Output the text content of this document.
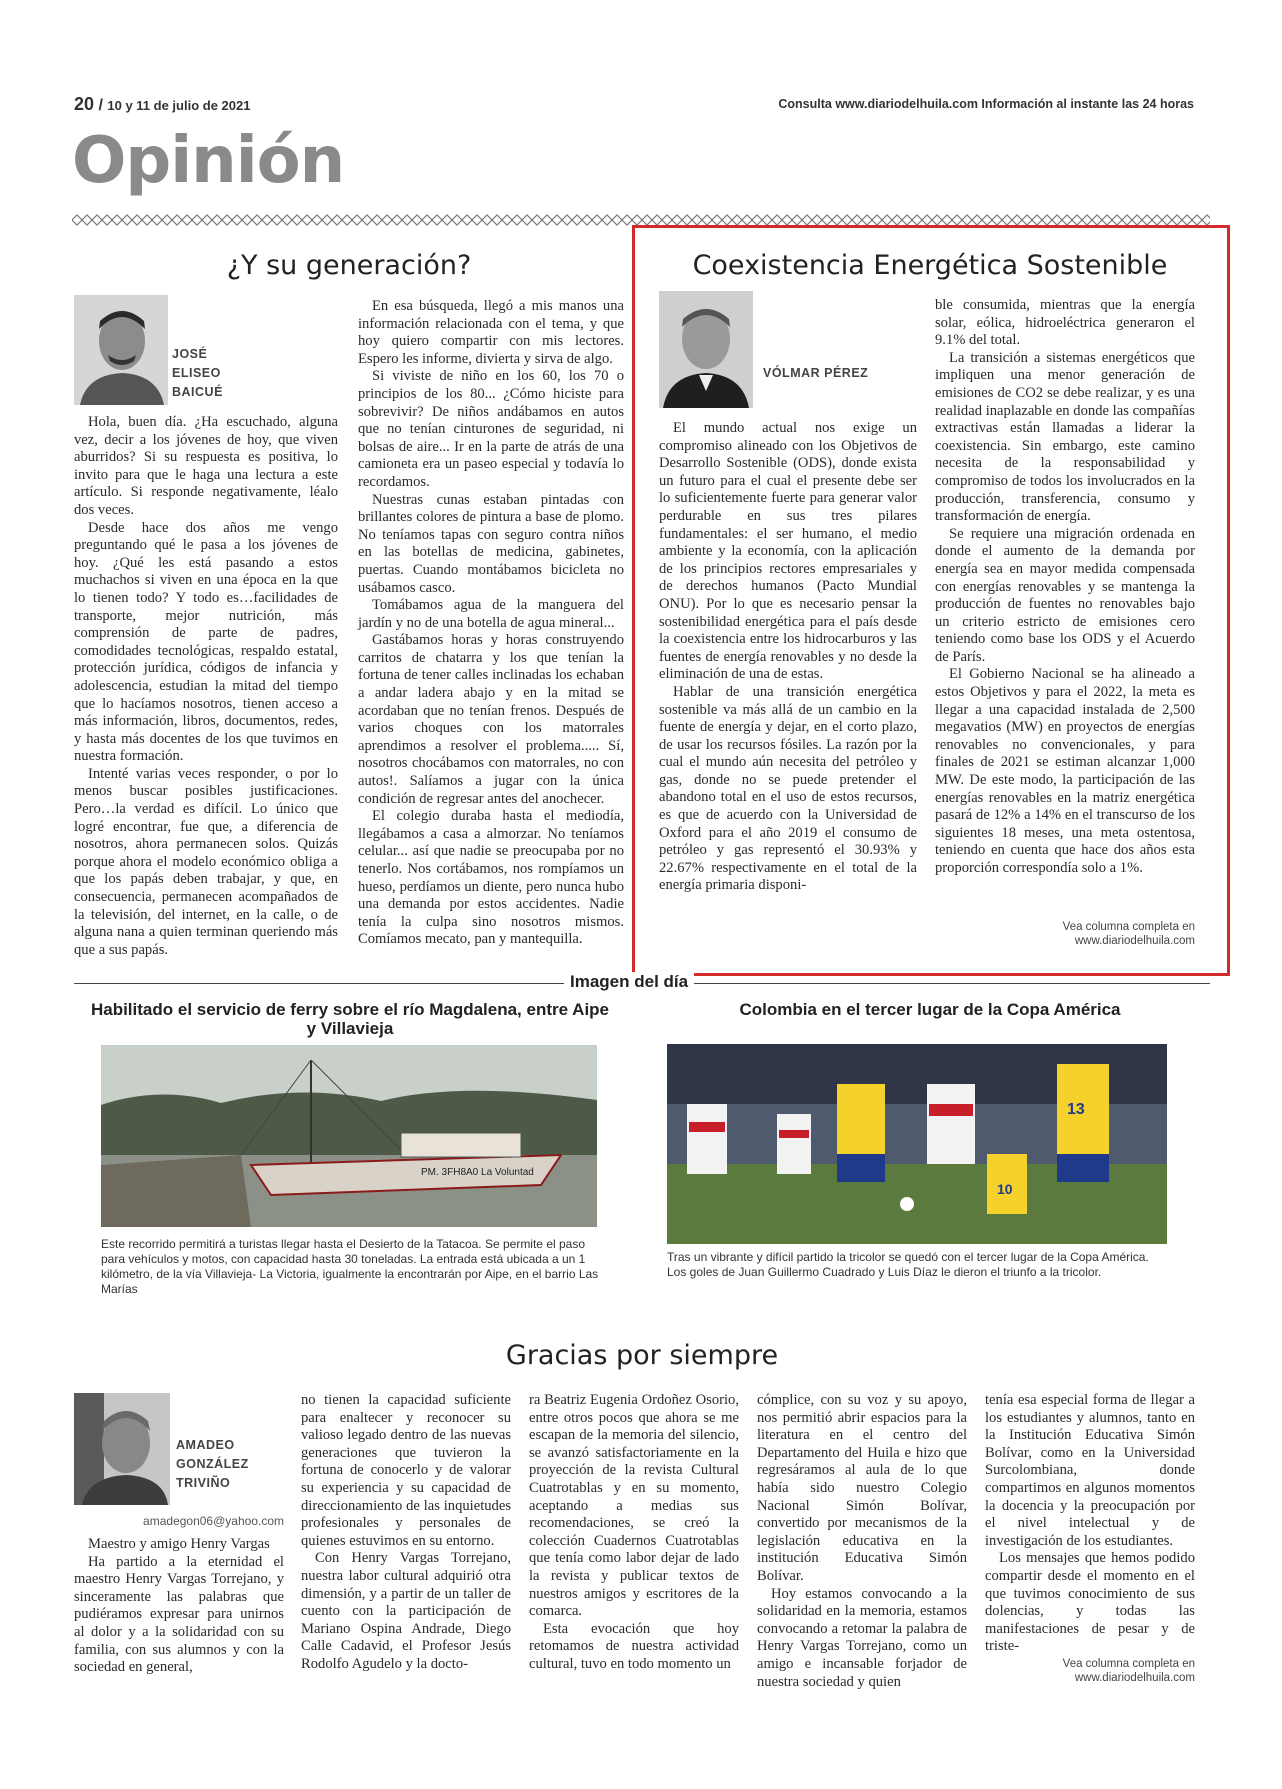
20 / 10 y 11 de julio de 2021	Consulta www.diariodelhuila.com Información al instante las 24 horas
Opinión
¿Y su generación?
JOSÉ
ELISEO
BAICUÉ

Hola, buen día. ¿Ha escuchado, alguna vez, decir a los jóvenes de hoy, que viven aburridos? Si su respuesta es positiva, lo invito para que le haga una lectura a este artículo. Si responde negativamente, léalo dos veces.

Desde hace dos años me vengo preguntando qué le pasa a los jóvenes de hoy. ¿Qué les está pasando a estos muchachos si viven en una época en la que lo tienen todo? Y todo es…facilidades de transporte, mejor nutrición, más comprensión de parte de padres, comodidades tecnológicas, respaldo estatal, protección jurídica, códigos de infancia y adolescencia, estudian la mitad del tiempo que lo hacíamos nosotros, tienen acceso a más información, libros, documentos, redes, y hasta más docentes de los que tuvimos en nuestra formación.

Intenté varias veces responder, o por lo menos buscar posibles justificaciones. Pero…la verdad es difícil. Lo único que logré encontrar, fue que, a diferencia de nosotros, ahora permanecen solos. Quizás porque ahora el modelo económico obliga a que los papás deben trabajar, y que, en consecuencia, permanecen acompañados de la televisión, del internet, en la calle, o de alguna nana a quien terminan queriendo más que a sus papás.

En esa búsqueda, llegó a mis manos una información relacionada con el tema, y que hoy quiero compartir con mis lectores. Espero les informe, divierta y sirva de algo.

Si viviste de niño en los 60, los 70 o principios de los 80... ¿Cómo hiciste para sobrevivir? De niños andábamos en autos que no tenían cinturones de seguridad, ni bolsas de aire... Ir en la parte de atrás de una camioneta era un paseo especial y todavía lo recordamos.

Nuestras cunas estaban pintadas con brillantes colores de pintura a base de plomo. No teníamos tapas con seguro contra niños en las botellas de medicina, gabinetes, puertas. Cuando montábamos bicicleta no usábamos casco.

Tomábamos agua de la manguera del jardín y no de una botella de agua mineral...

Gastábamos horas y horas construyendo carritos de chatarra y los que tenían la fortuna de tener calles inclinadas los echaban a andar ladera abajo y en la mitad se acordaban que no tenían frenos. Después de varios choques con los matorrales aprendimos a resolver el problema..... Sí, nosotros chocábamos con matorrales, no con autos!. Salíamos a jugar con la única condición de regresar antes del anochecer.

El colegio duraba hasta el mediodía, llegábamos a casa a almorzar. No teníamos celular... así que nadie se preocupaba por no tenerlo. Nos cortábamos, nos rompíamos un hueso, perdíamos un diente, pero nunca hubo una demanda por estos accidentes. Nadie tenía la culpa sino nosotros mismos. Comíamos mecato, pan y mantequilla.

Coexistencia Energética Sostenible
VÓLMAR PÉREZ

El mundo actual nos exige un compromiso alineado con los Objetivos de Desarrollo Sostenible (ODS), donde exista un futuro para el cual el presente debe ser lo suficientemente fuerte para generar valor perdurable en sus tres pilares fundamentales: el ser humano, el medio ambiente y la economía, con la aplicación de los principios rectores empresariales y de derechos humanos (Pacto Mundial ONU). Por lo que es necesario pensar la sostenibilidad energética para el país desde la coexistencia entre los hidrocarburos y las fuentes de energía renovables y no desde la eliminación de una de estas.

Hablar de una transición energética sostenible va más allá de un cambio en la fuente de energía y dejar, en el corto plazo, de usar los recursos fósiles. La razón por la cual el mundo aún necesita del petróleo y gas, donde no se puede pretender el abandono total en el uso de estos recursos, es que de acuerdo con la Universidad de Oxford para el año 2019 el consumo de petróleo y gas representó el 30.93% y 22.67% respectivamente en el total de la energía primaria disponi-

ble consumida, mientras que la energía solar, eólica, hidroeléctrica generaron el 9.1% del total.

La transición a sistemas energéticos que impliquen una menor generación de emisiones de CO2 se debe realizar, y es una realidad inaplazable en donde las compañías extractivas están llamadas a liderar la coexistencia. Sin embargo, este camino necesita de la responsabilidad y compromiso de todos los involucrados en la producción, transferencia, consumo y transformación de energía.

Se requiere una migración ordenada en donde el aumento de la demanda por energía sea en mayor medida compensada con energías renovables y se mantenga la producción de fuentes no renovables bajo un criterio estricto de emisiones cero teniendo como base los ODS y el Acuerdo de París.

El Gobierno Nacional se ha alineado a estos Objetivos y para el 2022, la meta es llegar a una capacidad instalada de 2,500 megavatios (MW) en proyectos de energías renovables no convencionales, y para finales de 2021 se estiman alcanzar 1,000 MW. De este modo, la participación de las energías renovables en la matriz energética pasará de 12% a 14% en el transcurso de los siguientes 18 meses, una meta ostentosa, teniendo en cuenta que hace dos años esta proporción correspondía solo a 1%.

Vea columna completa en
www.diariodelhuila.com
Imagen del día
Habilitado el servicio de ferry sobre el río Magdalena, entre Aipe y Villavieja
PM. 3FH8A0 La Voluntad
Este recorrido permitirá a turistas llegar hasta el Desierto de la Tatacoa. Se permite el paso para vehículos y motos, con capacidad hasta 30 toneladas. La entrada está ubicada a un 1 kilómetro, de la vía Villavieja- La Victoria, igualmente la encontrarán por Aipe, en el barrio Las Marías
Colombia en el tercer lugar de la Copa América
13
10
Tras un vibrante y difícil partido la tricolor se quedó con el tercer lugar de la Copa América. Los goles de Juan Guillermo Cuadrado y Luis Díaz le dieron el triunfo a la tricolor.
Gracias por siempre
AMADEO
GONZÁLEZ
TRIVIÑO
amadegon06@yahoo.com

Maestro y amigo Henry Vargas

Ha partido a la eternidad el maestro Henry Vargas Torrejano, y sinceramente las palabras que pudiéramos expresar para unirnos al dolor y a la solidaridad con su familia, con sus alumnos y con la sociedad en general,

no tienen la capacidad suficiente para enaltecer y reconocer su valioso legado dentro de las nuevas generaciones que tuvieron la fortuna de conocerlo y de valorar su experiencia y su capacidad de direccionamiento de las inquietudes profesionales y personales de quienes estuvimos en su entorno.

Con Henry Vargas Torrejano, nuestra labor cultural adquirió otra dimensión, y a partir de un taller de cuento con la participación de Mariano Ospina Andrade, Diego Calle Cadavid, el Profesor Jesús Rodolfo Agudelo y la docto-

ra Beatriz Eugenia Ordoñez Osorio, entre otros pocos que ahora se me escapan de la memoria del silencio, se avanzó satisfactoriamente en la proyección de la revista Cultural Cuatrotablas y en su momento, aceptando a medias sus recomendaciones, se creó la colección Cuadernos Cuatrotablas que tenía como labor dejar de lado la revista y publicar textos de nuestros amigos y escritores de la comarca.

Esta evocación que hoy retomamos de nuestra actividad cultural, tuvo en todo momento un

cómplice, con su voz y su apoyo, nos permitió abrir espacios para la literatura en el centro del Departamento del Huila e hizo que regresáramos al aula de lo que había sido nuestro Colegio Nacional Simón Bolívar, convertido por mecanismos de la legislación educativa en la institución Educativa Simón Bolívar.

Hoy estamos convocando a la solidaridad en la memoria, estamos convocando a retomar la palabra de Henry Vargas Torrejano, como un amigo e incansable forjador de nuestra sociedad y quien

tenía esa especial forma de llegar a los estudiantes y alumnos, tanto en la Institución Educativa Simón Bolívar, como en la Universidad Surcolombiana, donde compartimos en algunos momentos la docencia y la preocupación por el nivel intelectual y de investigación de los estudiantes.

Los mensajes que hemos podido compartir desde el momento en el que tuvimos conocimiento de sus dolencias, y todas las manifestaciones de pesar y de triste-

Vea columna completa en
www.diariodelhuila.com
